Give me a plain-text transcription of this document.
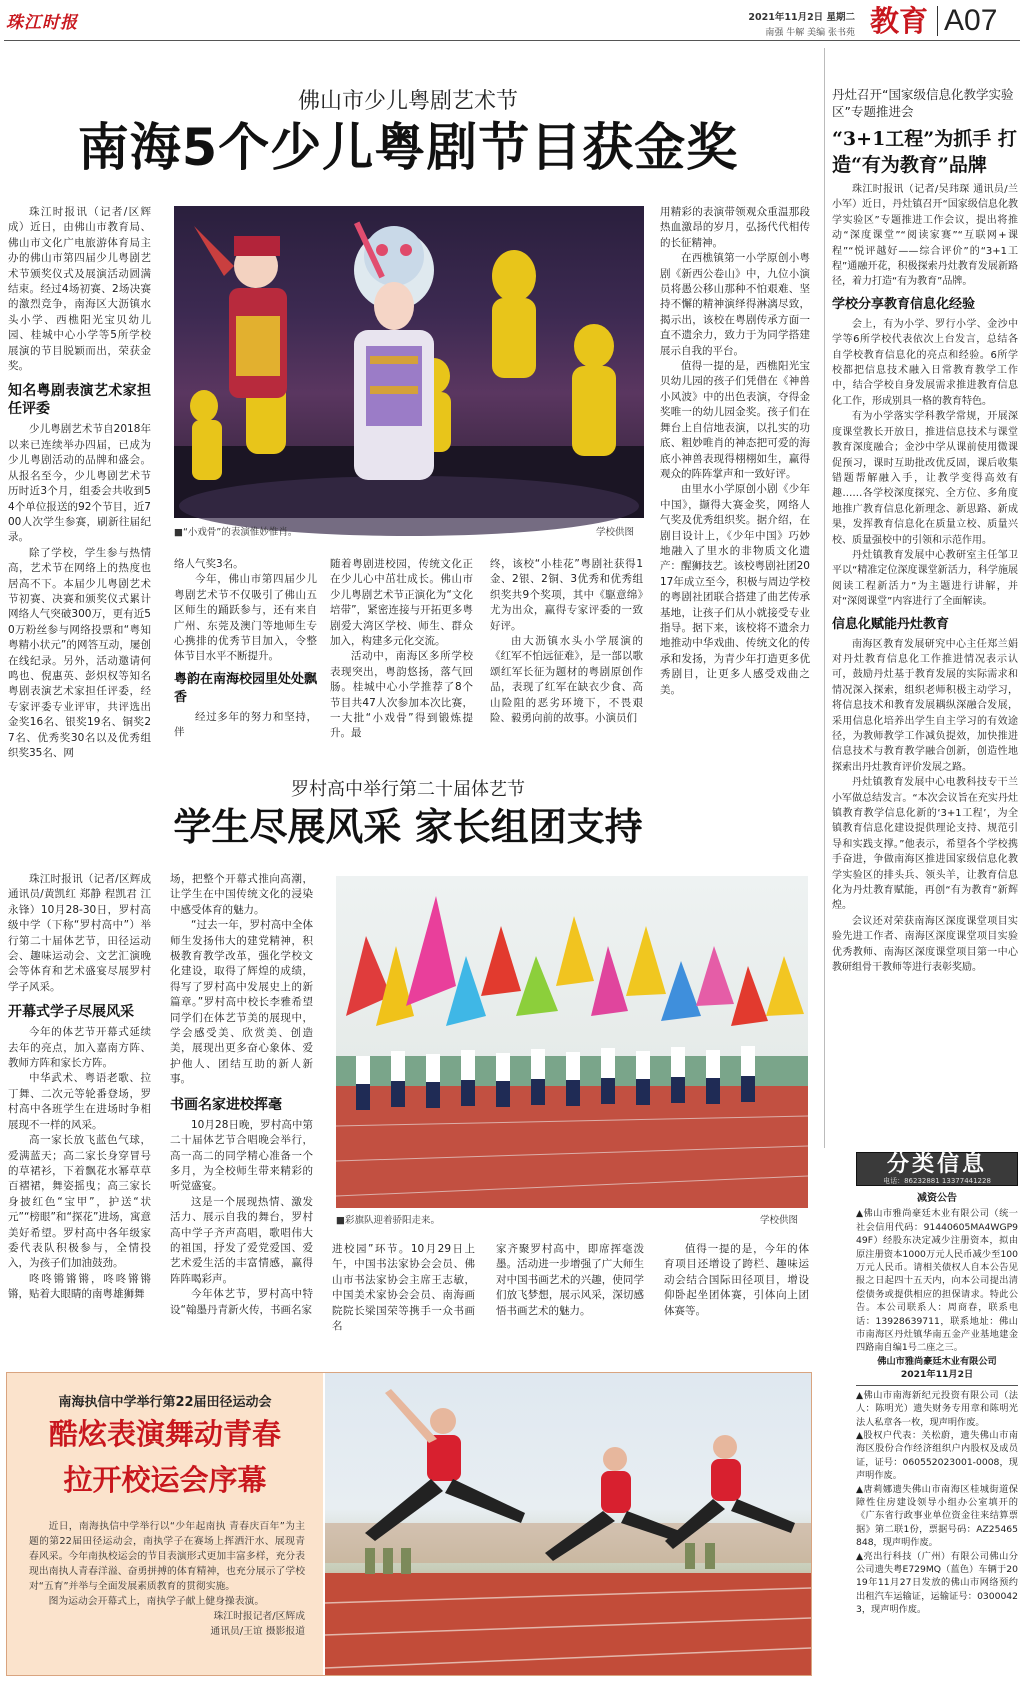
珠江时报	2021年11月2日 星期二
南强 牛解 美编 张书苑 教育 A07
佛山市少儿粤剧艺术节
南海5个少儿粤剧节目获金奖

珠江时报讯（记者/区辉成）近日，由佛山市教育局、佛山市文化广电旅游体育局主办的佛山市第四届少儿粤剧艺术节颁奖仪式及展演活动圆满结束。经过4场初赛、2场决赛的激烈竞争，南海区大沥镇水头小学、西樵阳光宝贝幼儿园、桂城中心小学等5所学校展演的节目脱颖而出，荣获金奖。

知名粤剧表演艺术家担任评委

少儿粤剧艺术节自2018年以来已连续举办四届，已成为少儿粤剧活动的品牌和盛会。从报名至今，少儿粤剧艺术节历时近3个月，组委会共收到54个单位报送的92个节目，近700人次学生参赛，刷新往届纪录。

除了学校，学生参与热情高，艺术节在网络上的热度也居高不下。本届少儿粤剧艺术节初赛、决赛和颁奖仪式累计网络人气突破300万，更有近50万粉丝参与网络投票和“粤知粤精小状元”的网答互动，屡创在线纪录。另外，活动邀请何鸣也、倪惠英、彭炽权等知名粤剧表演艺术家担任评委，经专家评委专业评审，共评选出金奖16名、银奖19名、铜奖27名、优秀奖30名以及优秀组织奖35名、网

■“小戏骨”的表演惟妙惟肖。	学校供图
络人气奖3名。

今年，佛山市第四届少儿粤剧艺术节不仅吸引了佛山五区师生的踊跃参与，还有来自广州、东莞及澳门等地师生专心携排的优秀节目加入，令整体节目水平不断提升。

粤韵在南海校园里处处飘香

经过多年的努力和坚持，伴

随着粤剧进校园，传统文化正在少儿心中茁壮成长。佛山市少儿粤剧艺术节正演化为“文化培带”，紧密连接与开拓更多粤剧爱大湾区学校、师生、群众加入，构建多元化交流。

活动中，南海区多所学校表现突出，粤韵悠扬，落气回肠。桂城中心小学推荐了8个节目共47人次参加本次比赛，一大批“小戏骨”得到锻炼提升。最

终，该校“小桂花”粤剧社获得1金、2银、2铜、3优秀和优秀组织奖共9个奖项，其中《駆意绵》尤为出众，赢得专家评委的一致好评。

由大沥镇水头小学展演的《红军不怕远征难》，是一部以歌颂红军长征为题材的粤剧原创作品，表现了红军在缺衣少食、高山险阻的恶劣环境下，不畏艰险、毅勇向前的故事。小演员们

用精彩的表演带领观众重温那段热血激昂的岁月，弘扬代代相传的长征精神。

在西樵镇第一小学原创小粤剧《新西公卷山》中，九位小演员将愚公移山那种不怕艰难、坚持不懈的精神演绎得淋漓尽致，揭示出，该校在粤剧传承方面一直不遗余力，致力于为同学搭建展示自我的平台。

值得一提的是，西樵阳光宝贝幼儿园的孩子们凭借在《神兽小风波》中的出色表演，夺得金奖唯一的幼儿园金奖。孩子们在舞台上自信地表演，以扎实的功底、粗妙唯肖的神态把可爱的海底小神兽表现得栩栩如生，赢得观众的阵阵掌声和一致好评。

由里水小学原创小剧《少年中国》，撷得大赛金奖，网络人气奖及优秀组织奖。据介绍，在剧目设计上，《少年中国》巧妙地融入了里水的非物质文化遗产：醒狮技艺。该校粤剧社团2017年成立至今，积极与周边学校的粤剧社团联合搭建了曲艺传承基地，让孩子们从小就接受专业指导。据下来，该校将不遗余力地推动中华戏曲、传统文化的传承和发扬，为青少年打造更多优秀剧目，让更多人感受戏曲之美。

罗村高中举行第二十届体艺节
学生尽展风采 家长组团支持

珠江时报讯（记者/区辉成 通讯员/黄凯红 郑静 程凯君 江永锋）10月28-30日，罗村高级中学（下称“罗村高中”）举行第二十届体艺节，田径运动会、趣味运动会、文艺汇演晚会等体育和艺术盛宴尽展罗村学子风采。

开幕式学子尽展风采

今年的体艺节开幕式延续去年的亮点，加入嘉南方阵、教师方阵和家长方阵。

中华武术、粤语老歌、拉丁舞、二次元等轮番登场，罗村高中各班学生在进场时争相展现不一样的风采。

高一家长放飞蓝色气球，爱满蓝天；高二家长身穿冒号的草裙衫，下着飘花水幂草草百褶裙，舞姿摇曳；高三家长身披红色“宝甲”，护送“状元”“榜眼”和“探花”进场，寓意美好希望。罗村高中各年级家委代表队积极参与，全情投入，为孩子们加油鼓劲。

咚咚锵锵锵，咚咚锵锵锵，贴着大眼睛的南粤雄狮舞

场，把整个开幕式推向高潮，让学生在中国传统文化的浸染中感受体育的魅力。

“过去一年，罗村高中全体师生发扬伟大的建党精神，积极教育教学改革，强化学校文化建设，取得了辉煌的成绩，得写了罗村高中发展史上的新篇章。”罗村高中校长李雅希望同学们在体艺节美的展现中，学会感受美、欣赏美、创造美，展现出更多奋心象体、爱护他人、团结互助的新人新事。

书画名家进校挥毫

10月28日晚，罗村高中第二十届体艺节合唱晚会举行，高一高二的同学精心准备一个多月，为全校师生带来精彩的听觉盛宴。

这是一个展现热情、激发活力、展示自我的舞台，罗村高中学子齐声高唱，歌唱伟大的祖国，抒发了爱党爱国、爱艺术爱生活的丰富情感，赢得阵阵喝彩声。

今年体艺节，罗村高中特设“翰墨丹青新火传，书画名家

■彩旗队迎着骄阳走来。	学校供图
进校园”环节。10月29日上午，中国书法家协会会员、佛山市书法家协会主席王志敏，中国美术家协会会员、南海画院院长梁国荣等携手一众书画名
家齐聚罗村高中，即席挥毫泼墨。活动进一步增强了广大师生对中国书画艺术的兴趣，使同学们放飞梦想，展示风采，深切感悟书画艺术的魅力。

值得一提的是，今年的体育项目还增设了跨栏、趣味运动会结合国际田径项目，增设仰卧起坐团体赛，引体向上团体赛等。

南海执信中学举行第22届田径运动会
酷炫表演舞动青春
拉开校运会序幕

近日，南海执信中学举行以“少年起南执 青春庆百年”为主题的第22届田径运动会，南执学子在赛场上挥洒汗水、展现青春风采。今年南执校运会的节目表演形式更加丰富多样，充分表现出南执人青春洋溢、奋勇拼搏的体育精神，也充分展示了学校对“五育”并举与全面发展素质教育的贯彻实施。

图为运动会开幕式上，南执学子献上健身操表演。

珠江时报记者/区辉成
通讯员/王谊 摄影报道
丹灶召开“国家级信息化教学实验区”专题推进会
“3+1工程”为抓手 打造“有为教育”品牌

珠江时报讯（记者/吴玮琛 通讯员/兰小军）近日，丹灶镇召开“国家级信息化教学实验区”专题推进工作会议，提出将推动“深度课堂”“阅读家赛”“互联网+课程”“悦评越好——综合评价”的“3+1工程”通融开花，积极探索丹灶教育发展新路径，着力打造“有为教育”品牌。

学校分享教育信息化经验

会上，有为小学、罗行小学、金沙中学等6所学校代表依次上台发言，总结各自学校教育信息化的亮点和经验。6所学校都把信息技术融入日常教育教学工作中，结合学校自身发展需求推进教育信息化工作，形成别具一格的教育特色。

有为小学落实学科教学常规，开展深度课堂教长开放日，推进信息技术与课堂教育深度融合；金沙中学从课前使用微课促预习，课时互助批改优反固，课后收集错题帮解融入手，让教学变得高效有趣……各学校深度探究、全方位、多角度地推广教育信息化新理念、新思路、新成果，发挥教育信息化在质量立校、质量兴校、质量强校中的引领和示范作用。

丹灶镇教育发展中心教研室主任邹卫平以“精准定位深度课堂新活力，科学施展阅读工程新活力”为主题进行讲解，并对“深阅课堂”内容进行了全面解读。

信息化赋能丹灶教育

南海区教育发展研究中心主任郑兰娟对丹灶教育信息化工作推进情况表示认可，鼓励丹灶基于教育发展的实际需求和情况深入探索，组织老师积极主动学习，将信息技术和教育发展耦纵深融合发展，采用信息化培养出学生自主学习的有效途径，为教师教学工作减负提效，加快推进信息技术与教育教学融合创新，创造性地探索出丹灶教育评价发展之路。

丹灶镇教育发展中心电教科技专干兰小军做总结发言。“本次会议旨在充实丹灶镇教育教学信息化新的‘3+1工程’，为全镇教育信息化建设提供理论支持、规范引导和实践支撑。”他表示，希望各个学校携手奋进，争做南海区推进国家级信息化教学实验区的排头兵、领头羊，让教育信息化为丹灶教育赋能，再创“有为教育”新辉煌。

会议还对荣获南海区深度课堂项目实验先进工作者、南海区深度课堂项目实验优秀教师、南海区深度课堂项目第一中心教研组骨干教师等进行表彰奖励。

分类信息
电话：86232881 13377441228
减资公告
▲佛山市雅尚豪廷木业有限公司（统一社会信用代码：91440605MA4WGP949F）经股东决定减少注册资本，拟由原注册资本1000万元人民币减少至100万元人民币。请相关债权人自本公告见报之日起四十五天内，向本公司提出清偿债务或提供相应的担保请求。特此公告。本公司联系人：周商春，联系电话：13928639711，联系地址：佛山市南海区丹灶镇华南五金产业基地建金四路南自编1号二座之三。
佛山市雅尚豪廷木业有限公司
2021年11月2日
▲佛山市南海新纪元投资有限公司（法人：陈明光）遗失财务专用章和陈明光法人私章各一枚，现声明作废。
▲股权户代表：关松蔚，遗失佛山市南海区股份合作经济组织户内股权及成员证，证号：060552023001-0008，现声明作废。
▲唐莉娜遗失佛山市南海区桂城街道保障性住房建设领导小组办公室填开的《广东省行政事业单位资金往来结算票据》第二联1份，票据号码：AZ25465848，现声明作废。
▲亮出行科技（广州）有限公司佛山分公司遗失粤E729MQ（蓝色）车辆于2019年11月27日发放的佛山市网络预约出租汽车运输证，运输证号：03000423，现声明作废。
